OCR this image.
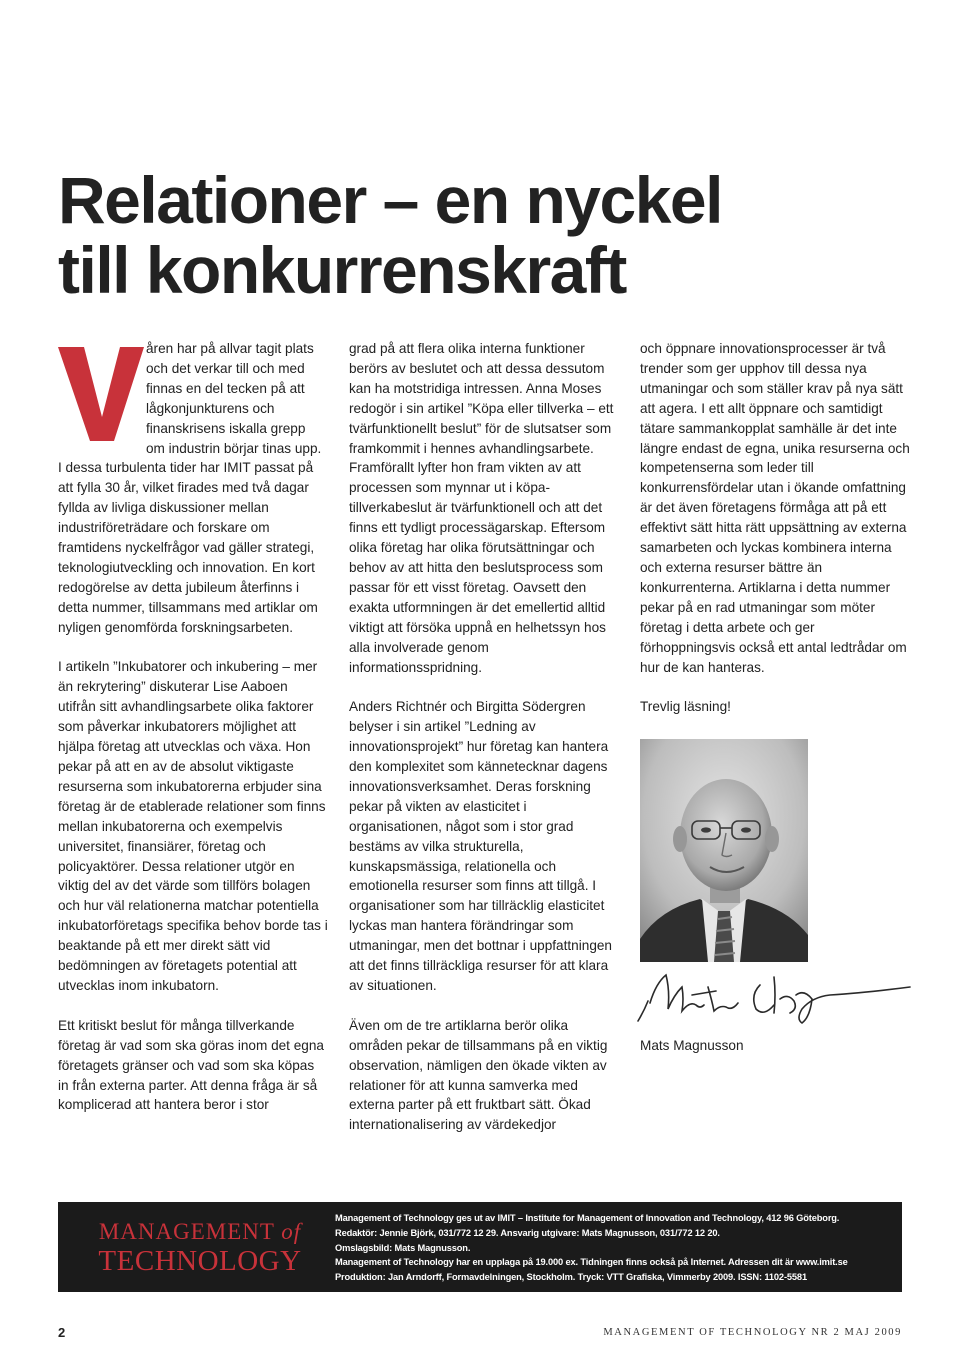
Relationer – en nyckel
till konkurrenskraft

åren har på allvar tagit plats och det verkar till och med finnas en del tecken på att lågkonjunkturens och finanskrisens iskalla grepp om industrin börjar tinas upp. I dessa turbulenta tider har IMIT passat på att fylla 30 år, vilket firades med två dagar fyllda av livliga diskussioner mellan industriföreträdare och forskare om framtidens nyckelfrågor vad gäller strategi, teknologiutveckling och innovation. En kort redogörelse av detta jubileum återfinns i detta nummer, tillsammans med artiklar om nyligen genomförda forskningsarbeten.

I artikeln ”Inkubatorer och inkubering – mer än rekrytering” diskuterar Lise Aaboen utifrån sitt avhandlingsarbete olika faktorer som påverkar inkubatorers möjlighet att hjälpa företag att utvecklas och växa. Hon pekar på att en av de absolut viktigaste resurserna som inkubatorerna erbjuder sina företag är de etablerade relationer som finns mellan inkubatorerna och exempelvis universitet, finansiärer, företag och policyaktörer. Dessa relationer utgör en viktig del av det värde som tillförs bolagen och hur väl relationerna matchar potentiella inkubatorföretags specifika behov borde tas i beaktande på ett mer direkt sätt vid bedömningen av företagets potential att utvecklas inom inkubatorn.

Ett kritiskt beslut för många tillverkande företag är vad som ska göras inom det egna företagets gränser och vad som ska köpas in från externa parter. Att denna fråga är så komplicerad att hantera beror i stor

grad på att flera olika interna funktioner berörs av beslutet och att dessa dessutom kan ha motstridiga intressen. Anna Moses redogör i sin artikel ”Köpa eller tillverka – ett tvärfunktionellt beslut” för de slutsatser som framkommit i hennes avhandlingsarbete. Framförallt lyfter hon fram vikten av att processen som mynnar ut i köpa-tillverkabeslut är tvärfunktionell och att det finns ett tydligt processägarskap. Eftersom olika företag har olika förutsättningar och behov av att hitta den beslutsprocess som passar för ett visst företag. Oavsett den exakta utformningen är det emellertid alltid viktigt att försöka uppnå en helhetssyn hos alla involverade genom informationsspridning.

Anders Richtnér och Birgitta Södergren belyser i sin artikel ”Ledning av innovationsprojekt” hur företag kan hantera den komplexitet som kännetecknar dagens innovationsverksamhet. Deras forskning pekar på vikten av elasticitet i organisationen, något som i stor grad bestäms av vilka strukturella, kunskapsmässiga, relationella och emotionella resurser som finns att tillgå. I organisationer som har tillräcklig elasticitet lyckas man hantera förändringar som utmaningar, men det bottnar i uppfattningen att det finns tillräckliga resurser för att klara av situationen.

Även om de tre artiklarna berör olika områden pekar de tillsammans på en viktig observation, nämligen den ökade vikten av relationer för att kunna samverka med externa parter på ett fruktbart sätt. Ökad internationalisering av värdekedjor

och öppnare innovationsprocesser är två trender som ger upphov till dessa nya utmaningar och som ställer krav på nya sätt att agera. I ett allt öppnare och samtidigt tätare sammankopplat samhälle är det inte längre endast de egna, unika resurserna och kompetenserna som leder till konkurrensfördelar utan i ökande omfattning är det även företagens förmåga att på ett effektivt sätt hitta rätt uppsättning av externa samarbeten och lyckas kombinera interna och externa resurser bättre än konkurrenterna. Artiklarna i detta nummer pekar på en rad utmaningar som möter företag i detta arbete och ger förhoppningsvis också ett antal ledtrådar om hur de kan hanteras.

Trevlig läsning!

Mats Magnusson
MANAGEMENT of
TECHNOLOGY
Management of Technology ges ut av IMIT – Institute for Management of Innovation and Technology, 412 96 Göteborg.
Redaktör: Jennie Björk, 031/772 12 29. Ansvarig utgivare: Mats Magnusson, 031/772 12 20.
Omslagsbild: Mats Magnusson.
Management of Technology har en upplaga på 19.000 ex. Tidningen finns också på Internet. Adressen dit är www.imit.se
Produktion: Jan Arndorff, Formavdelningen, Stockholm. Tryck: VTT Grafiska, Vimmerby 2009. ISSN: 1102-5581
2	MANAGEMENT OF TECHNOLOGY NR 2 MAJ 2009
